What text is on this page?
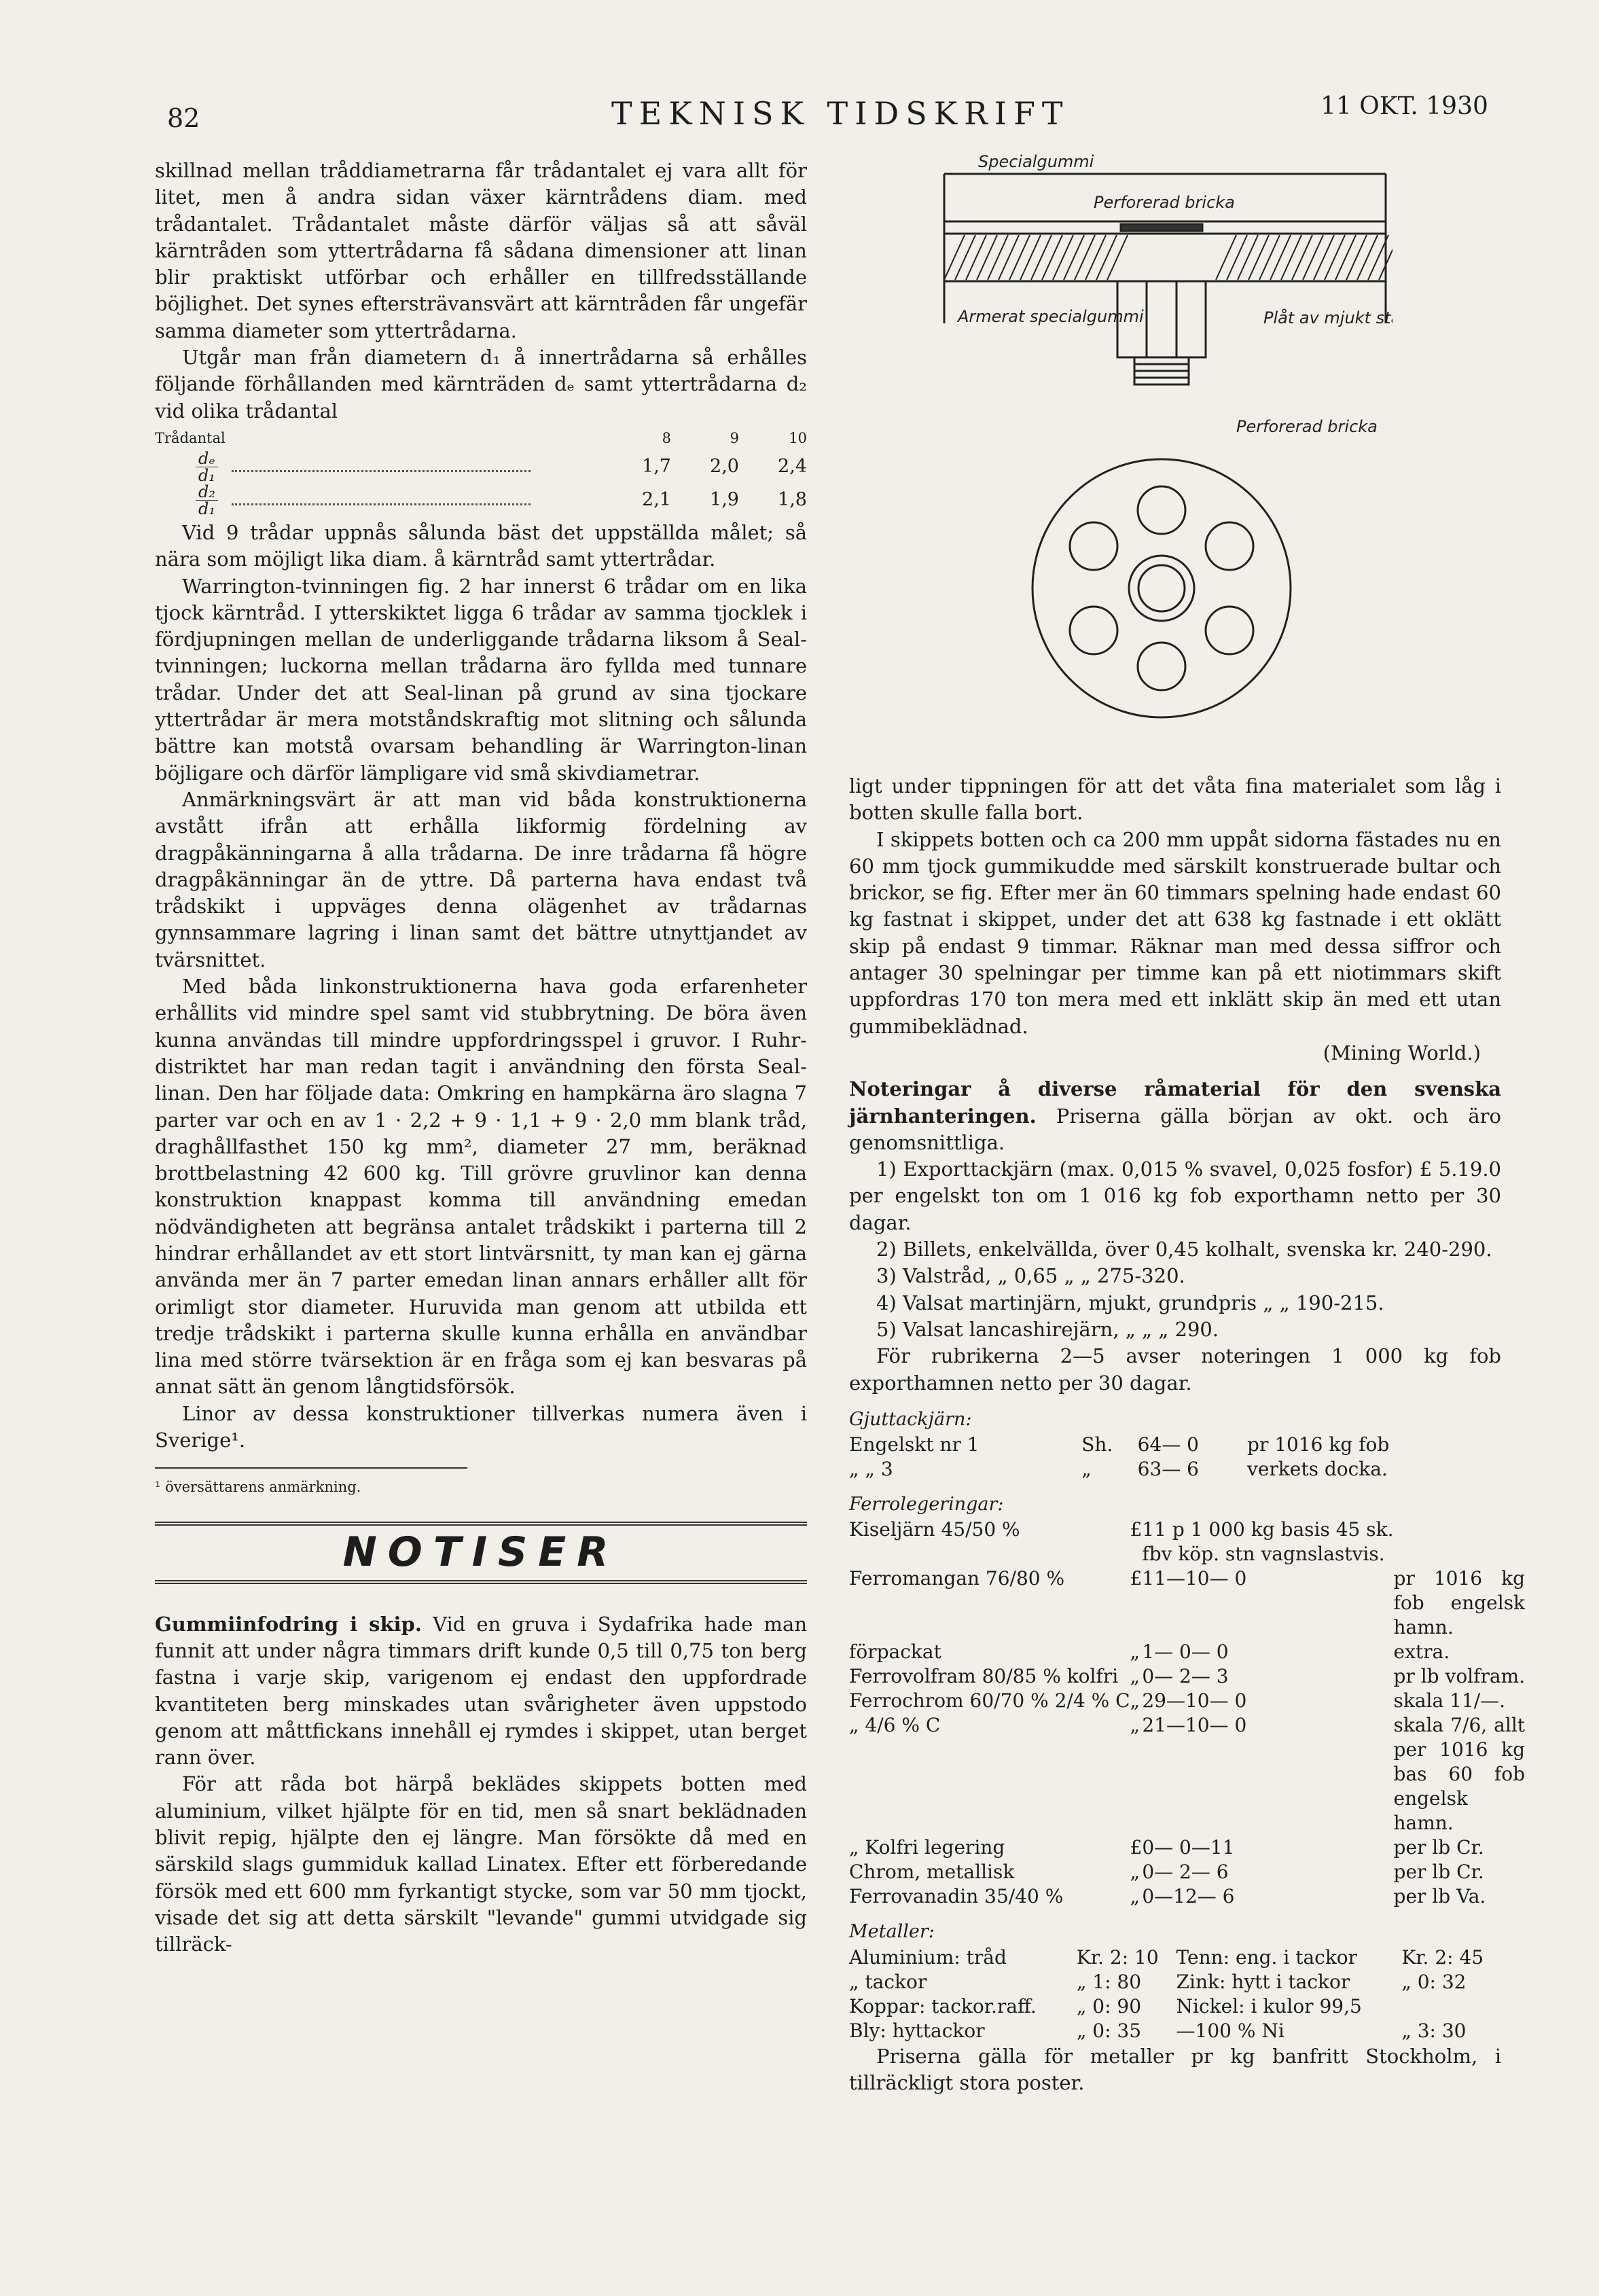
82	TEKNISK TIDSKRIFT	11 OKT. 1930

skillnad mellan tråddiametrarna får trådantalet ej vara allt för litet, men å andra sidan växer kärntrådens diam. med trådantalet. Trådantalet måste därför väljas så att såväl kärntråden som yttertrådarna få sådana dimensioner att linan blir praktiskt utförbar och erhåller en tillfredsställande böjlighet. Det synes eftersträvansvärt att kärntråden får ungefär samma diameter som yttertrådarna.

Utgår man från diametern d₁ å innertrådarna så erhålles följande förhållanden med kärnträden dₑ samt yttertrådarna d₂ vid olika trådantal

Trådantal	8	9	10

$\frac{\text{dₑ}}{\text{d₁}}$	1,7	2,0	2,4

$\frac{\text{d₂}}{\text{d₁}}$	2,1	1,9	1,8

Vid 9 trådar uppnås sålunda bäst det uppställda målet; så nära som möjligt lika diam. å kärntråd samt yttertrådar.

Warrington-tvinningen fig. 2 har innerst 6 trådar om en lika tjock kärntråd. I ytterskiktet ligga 6 trådar av samma tjocklek i fördjupningen mellan de underliggande trådarna liksom å Seal-tvinningen; luckorna mellan trådarna äro fyllda med tunnare trådar. Under det att Seal-linan på grund av sina tjockare yttertrådar är mera motståndskraftig mot slitning och sålunda bättre kan motstå ovarsam behandling är Warrington-linan böjligare och därför lämpligare vid små skivdiametrar.

Anmärkningsvärt är att man vid båda konstruktionerna avstått ifrån att erhålla likformig fördelning av dragpåkänningarna å alla trådarna. De inre trådarna få högre dragpåkänningar än de yttre. Då parterna hava endast två trådskikt i uppväges denna olägenhet av trådarnas gynnsammare lagring i linan samt det bättre utnyttjandet av tvärsnittet.

Med båda linkonstruktionerna hava goda erfarenheter erhållits vid mindre spel samt vid stubbrytning. De böra även kunna användas till mindre uppfordringsspel i gruvor. I Ruhr-distriktet har man redan tagit i användning den första Seal-linan. Den har följade data: Omkring en hampkärna äro slagna 7 parter var och en av 1 · 2,2 + 9 · 1,1 + 9 · 2,0 mm blank tråd, draghållfasthet 150 kg mm², diameter 27 mm, beräknad brottbelastning 42 600 kg. Till grövre gruvlinor kan denna konstruktion knappast komma till användning emedan nödvändigheten att begränsa antalet trådskikt i parterna till 2 hindrar erhållandet av ett stort lintvärsnitt, ty man kan ej gärna använda mer än 7 parter emedan linan annars erhåller allt för orimligt stor diameter. Huruvida man genom att utbilda ett tredje trådskikt i parterna skulle kunna erhålla en användbar lina med större tvärsektion är en fråga som ej kan besvaras på annat sätt än genom långtidsförsök.

Linor av dessa konstruktioner tillverkas numera även i Sverige¹.

¹ översättarens anmärkning.
NOTISER

Gummiinfodring i skip. Vid en gruva i Sydafrika hade man funnit att under några timmars drift kunde 0,5 till 0,75 ton berg fastna i varje skip, varigenom ej endast den uppfordrade kvantiteten berg minskades utan svårigheter även uppstodo genom att måttfickans innehåll ej rymdes i skippet, utan berget rann över.

För att råda bot härpå beklädes skippets botten med aluminium, vilket hjälpte för en tid, men så snart beklädnaden blivit repig, hjälpte den ej längre. Man försökte då med en särskild slags gummiduk kallad Linatex. Efter ett förberedande försök med ett 600 mm fyrkantigt stycke, som var 50 mm tjockt, visade det sig att detta särskilt "levande" gummi utvidgade sig tillräck-

Specialgummi
Perforerad bricka
Armerat specialgummi	Plåt av mjukt stål
Perforerad bricka

ligt under tippningen för att det våta fina materialet som låg i botten skulle falla bort.

I skippets botten och ca 200 mm uppåt sidorna fästades nu en 60 mm tjock gummikudde med särskilt konstruerade bultar och brickor, se fig. Efter mer än 60 timmars spelning hade endast 60 kg fastnat i skippet, under det att 638 kg fastnade i ett oklätt skip på endast 9 timmar. Räknar man med dessa siffror och antager 30 spelningar per timme kan på ett niotimmars skift uppfordras 170 ton mera med ett inklätt skip än med ett utan gummibeklädnad.

(Mining World.)

Noteringar å diverse råmaterial för den svenska järnhanteringen. Priserna gälla början av okt. och äro genomsnittliga.

1) Exporttackjärn (max. 0,015 % svavel, 0,025 fosfor) £ 5.19.0 per engelskt ton om 1 016 kg fob exporthamn netto per 30 dagar.

2) Billets, enkelvällda, över 0,45 kolhalt, svenska kr. 240-290.

3) Valstråd, „ 0,65 „ „ 275-320.

4) Valsat martinjärn, mjukt, grundpris „ „ 190-215.

5) Valsat lancashirejärn, „ „ „ 290.

För rubrikerna 2—5 avser noteringen 1 000 kg fob exporthamnen netto per 30 dagar.

Gjuttackjärn:
Engelskt nr 1	Sh.	64— 0	pr 1016 kg fob
„ „ 3	„	63— 6	verkets docka.
Ferrolegeringar:
Kiseljärn 45/50 %	£	11 p 1 000 kg basis 45 sk.	
		fbv köp. stn vagnslastvis.	
Ferromangan 76/80 %	£	11—10— 0	pr 1016 kg fob engelsk hamn.
förpackat	„	1— 0— 0	extra.
Ferrovolfram 80/85 % kolfri	„	0— 2— 3	pr lb volfram.
Ferrochrom 60/70 % 2/4 % C	„	29—10— 0	skala 11/—.
„ 4/6 % C	„	21—10— 0	skala 7/6, allt per 1016 kg bas 60 fob engelsk hamn.
„ Kolfri legering	£	0— 0—11	per lb Cr.
Chrom, metallisk	„	0— 2— 6	per lb Cr.
Ferrovanadin 35/40 %	„	0—12— 6	per lb Va.
Metaller:
Aluminium: tråd	Kr. 2: 10	Tenn: eng. i tackor	Kr. 2: 45
„ tackor	„ 1: 80	Zink: hytt i tackor	„ 0: 32
Koppar: tackor.raff.	„ 0: 90	Nickel: i kulor 99,5	
Bly: hyttackor	„ 0: 35	—100 % Ni	„ 3: 30

Priserna gälla för metaller pr kg banfritt Stockholm, i tillräckligt stora poster.
